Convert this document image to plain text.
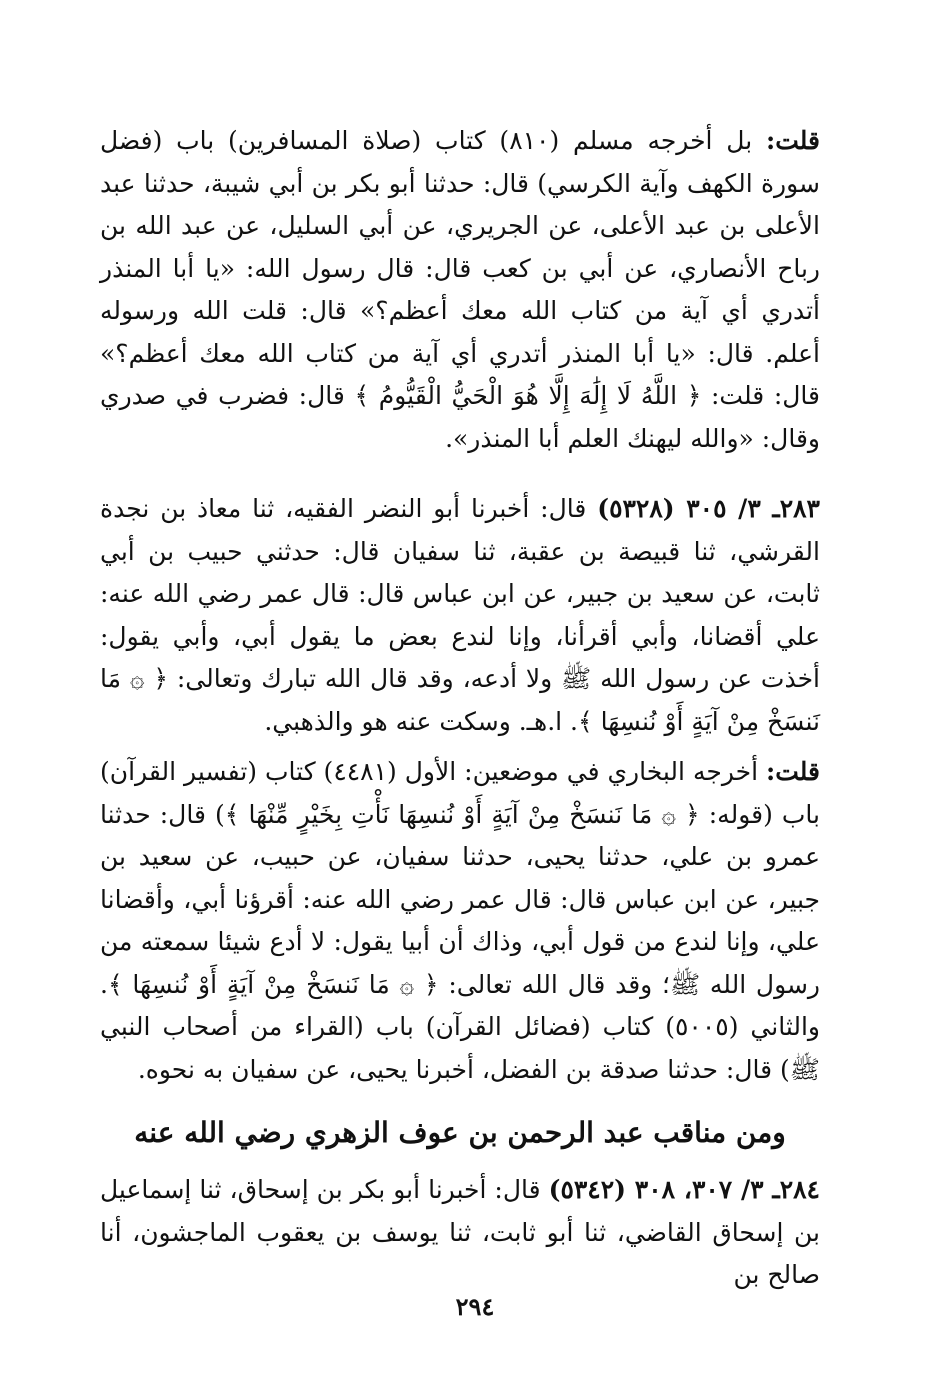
قلت: بل أخرجه مسلم (٨١٠) كتاب (صلاة المسافرين) باب (فضل سورة الكهف وآية الكرسي) قال: حدثنا أبو بكر بن أبي شيبة، حدثنا عبد الأعلى بن عبد الأعلى، عن الجريري، عن أبي السليل، عن عبد الله بن رباح الأنصاري، عن أبي بن كعب قال: قال رسول الله: «يا أبا المنذر أتدري أي آية من كتاب الله معك أعظم؟» قال: قلت الله ورسوله أعلم. قال: «يا أبا المنذر أتدري أي آية من كتاب الله معك أعظم؟» قال: قلت: ﴿ اللَّهُ لَا إِلَٰهَ إِلَّا هُوَ الْحَيُّ الْقَيُّومُ ﴾ قال: فضرب في صدري وقال: «والله ليهنك العلم أبا المنذر».

٢٨٣ـ ٣/ ٣٠٥ (٥٣٢٨) قال: أخبرنا أبو النضر الفقيه، ثنا معاذ بن نجدة القرشي، ثنا قبيصة بن عقبة، ثنا سفيان قال: حدثني حبيب بن أبي ثابت، عن سعيد بن جبير، عن ابن عباس قال: قال عمر رضي الله عنه: علي أقضانا، وأبي أقرأنا، وإنا لندع بعض ما يقول أبي، وأبي يقول: أخذت عن رسول الله ﷺ ولا أدعه، وقد قال الله تبارك وتعالى: ﴿ ۞ مَا نَنسَخْ مِنْ آيَةٍ أَوْ نُنسِهَا ﴾. ا.هـ. وسكت عنه هو والذهبي.

قلت: أخرجه البخاري في موضعين: الأول (٤٤٨١) كتاب (تفسير القرآن) باب (قوله: ﴿ ۞ مَا نَنسَخْ مِنْ آيَةٍ أَوْ نُنسِهَا نَأْتِ بِخَيْرٍ مِّنْهَا ﴾) قال: حدثنا عمرو بن علي، حدثنا يحيى، حدثنا سفيان، عن حبيب، عن سعيد بن جبير، عن ابن عباس قال: قال عمر رضي الله عنه: أقرؤنا أبي، وأقضانا علي، وإنا لندع من قول أبي، وذاك أن أبيا يقول: لا أدع شيئا سمعته من رسول الله ﷺ؛ وقد قال الله تعالى: ﴿ ۞ مَا نَنسَخْ مِنْ آيَةٍ أَوْ نُنسِهَا ﴾. والثاني (٥٠٠٥) كتاب (فضائل القرآن) باب (القراء من أصحاب النبي ﷺ) قال: حدثنا صدقة بن الفضل، أخبرنا يحيى، عن سفيان به نحوه.

ومن مناقب عبد الرحمن بن عوف الزهري رضي الله عنه

٢٨٤ـ ٣/ ٣٠٧، ٣٠٨ (٥٣٤٢) قال: أخبرنا أبو بكر بن إسحاق، ثنا إسماعيل بن إسحاق القاضي، ثنا أبو ثابت، ثنا يوسف بن يعقوب الماجشون، أنا صالح بن

٢٩٤
